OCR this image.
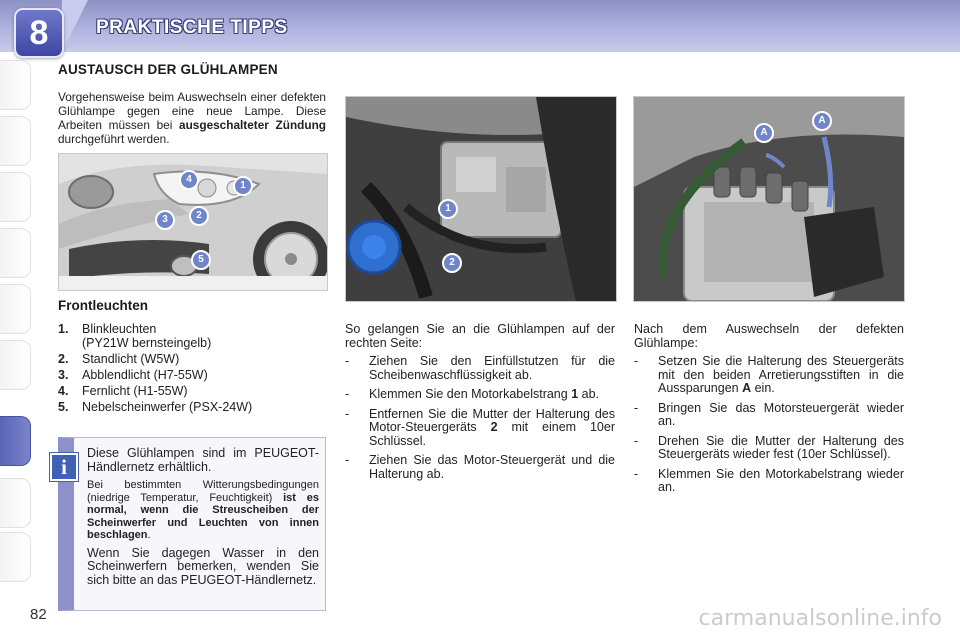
8	PRAKTISCHE TIPPS
AUSTAUSCH DER GLÜHLAMPEN
Vorgehensweise beim Auswechseln einer defekten Glühlampe gegen eine neue Lampe. Diese Arbeiten müssen bei ausgeschalteter Zündung durchgeführt werden.
4
1
2
3
5
Frontleuchten
1. Blinkleuchten
(PY21W bernsteingelb)
2. Standlicht (W5W)
3. Abblendlicht (H7-55W)
4. Fernlicht (H1-55W)
5. Nebelscheinwerfer (PSX-24W)
i

Diese Glühlampen sind im PEUGEOT-Händlernetz erhältlich.

Bei bestimmten Witterungsbedingungen (niedrige Temperatur, Feuchtigkeit) ist es normal, wenn die Streuscheiben der Scheinwerfer und Leuchten von innen beschlagen.

Wenn Sie dagegen Wasser in den Scheinwerfern bemerken, wenden Sie sich bitte an das PEUGEOT-Händlernetz.

1
2
A
A

So gelangen Sie an die Glühlampen auf der rechten Seite:

- Ziehen Sie den Einfüllstutzen für die Scheibenwaschflüssigkeit ab.
- Klemmen Sie den Motorkabelstrang 1 ab.
- Entfernen Sie die Mutter der Halterung des Motor-Steuergeräts 2 mit einem 10er Schlüssel.
- Ziehen Sie das Motor-Steuergerät und die Halterung ab.

Nach dem Auswechseln der defekten Glühlampe:

- Setzen Sie die Halterung des Steuergeräts mit den beiden Arretierungsstiften in die Aussparungen A ein.
- Bringen Sie das Motorsteuergerät wieder an.
- Drehen Sie die Mutter der Halterung des Steuergeräts wieder fest (10er Schlüssel).
- Klemmen Sie den Motorkabelstrang wieder an.
82	carmanualsonline.info
